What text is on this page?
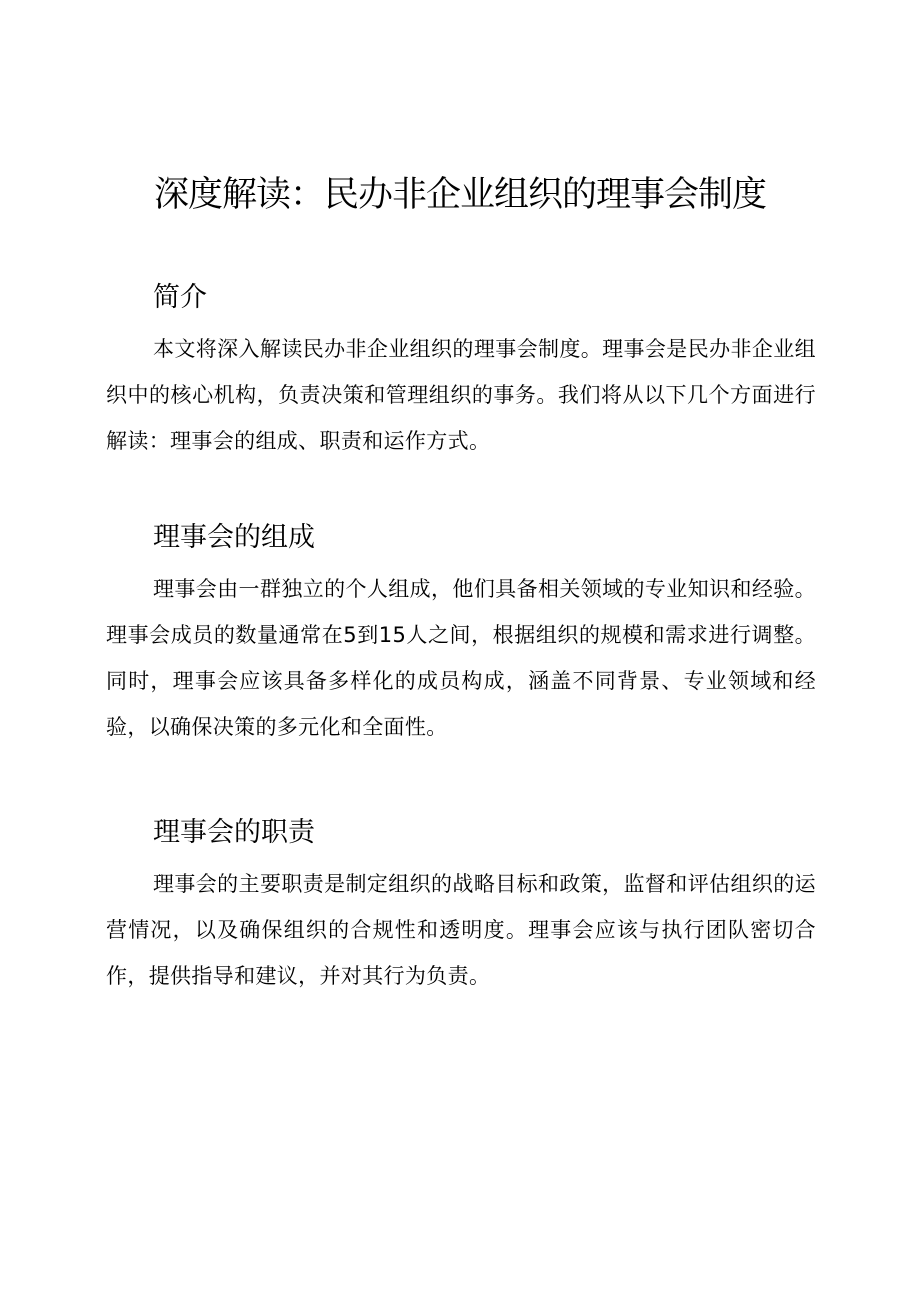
深度解读：民办非企业组织的理事会制度
简介

本文将深入解读民办非企业组织的理事会制度。理事会是民办非企业组织中的核心机构，负责决策和管理组织的事务。我们将从以下几个方面进行解读：理事会的组成、职责和运作方式。

理事会的组成

理事会由一群独立的个人组成，他们具备相关领域的专业知识和经验。理事会成员的数量通常在5到15人之间，根据组织的规模和需求进行调整。同时，理事会应该具备多样化的成员构成，涵盖不同背景、专业领域和经验，以确保决策的多元化和全面性。

理事会的职责

理事会的主要职责是制定组织的战略目标和政策，监督和评估组织的运营情况，以及确保组织的合规性和透明度。理事会应该与执行团队密切合作，提供指导和建议，并对其行为负责。
